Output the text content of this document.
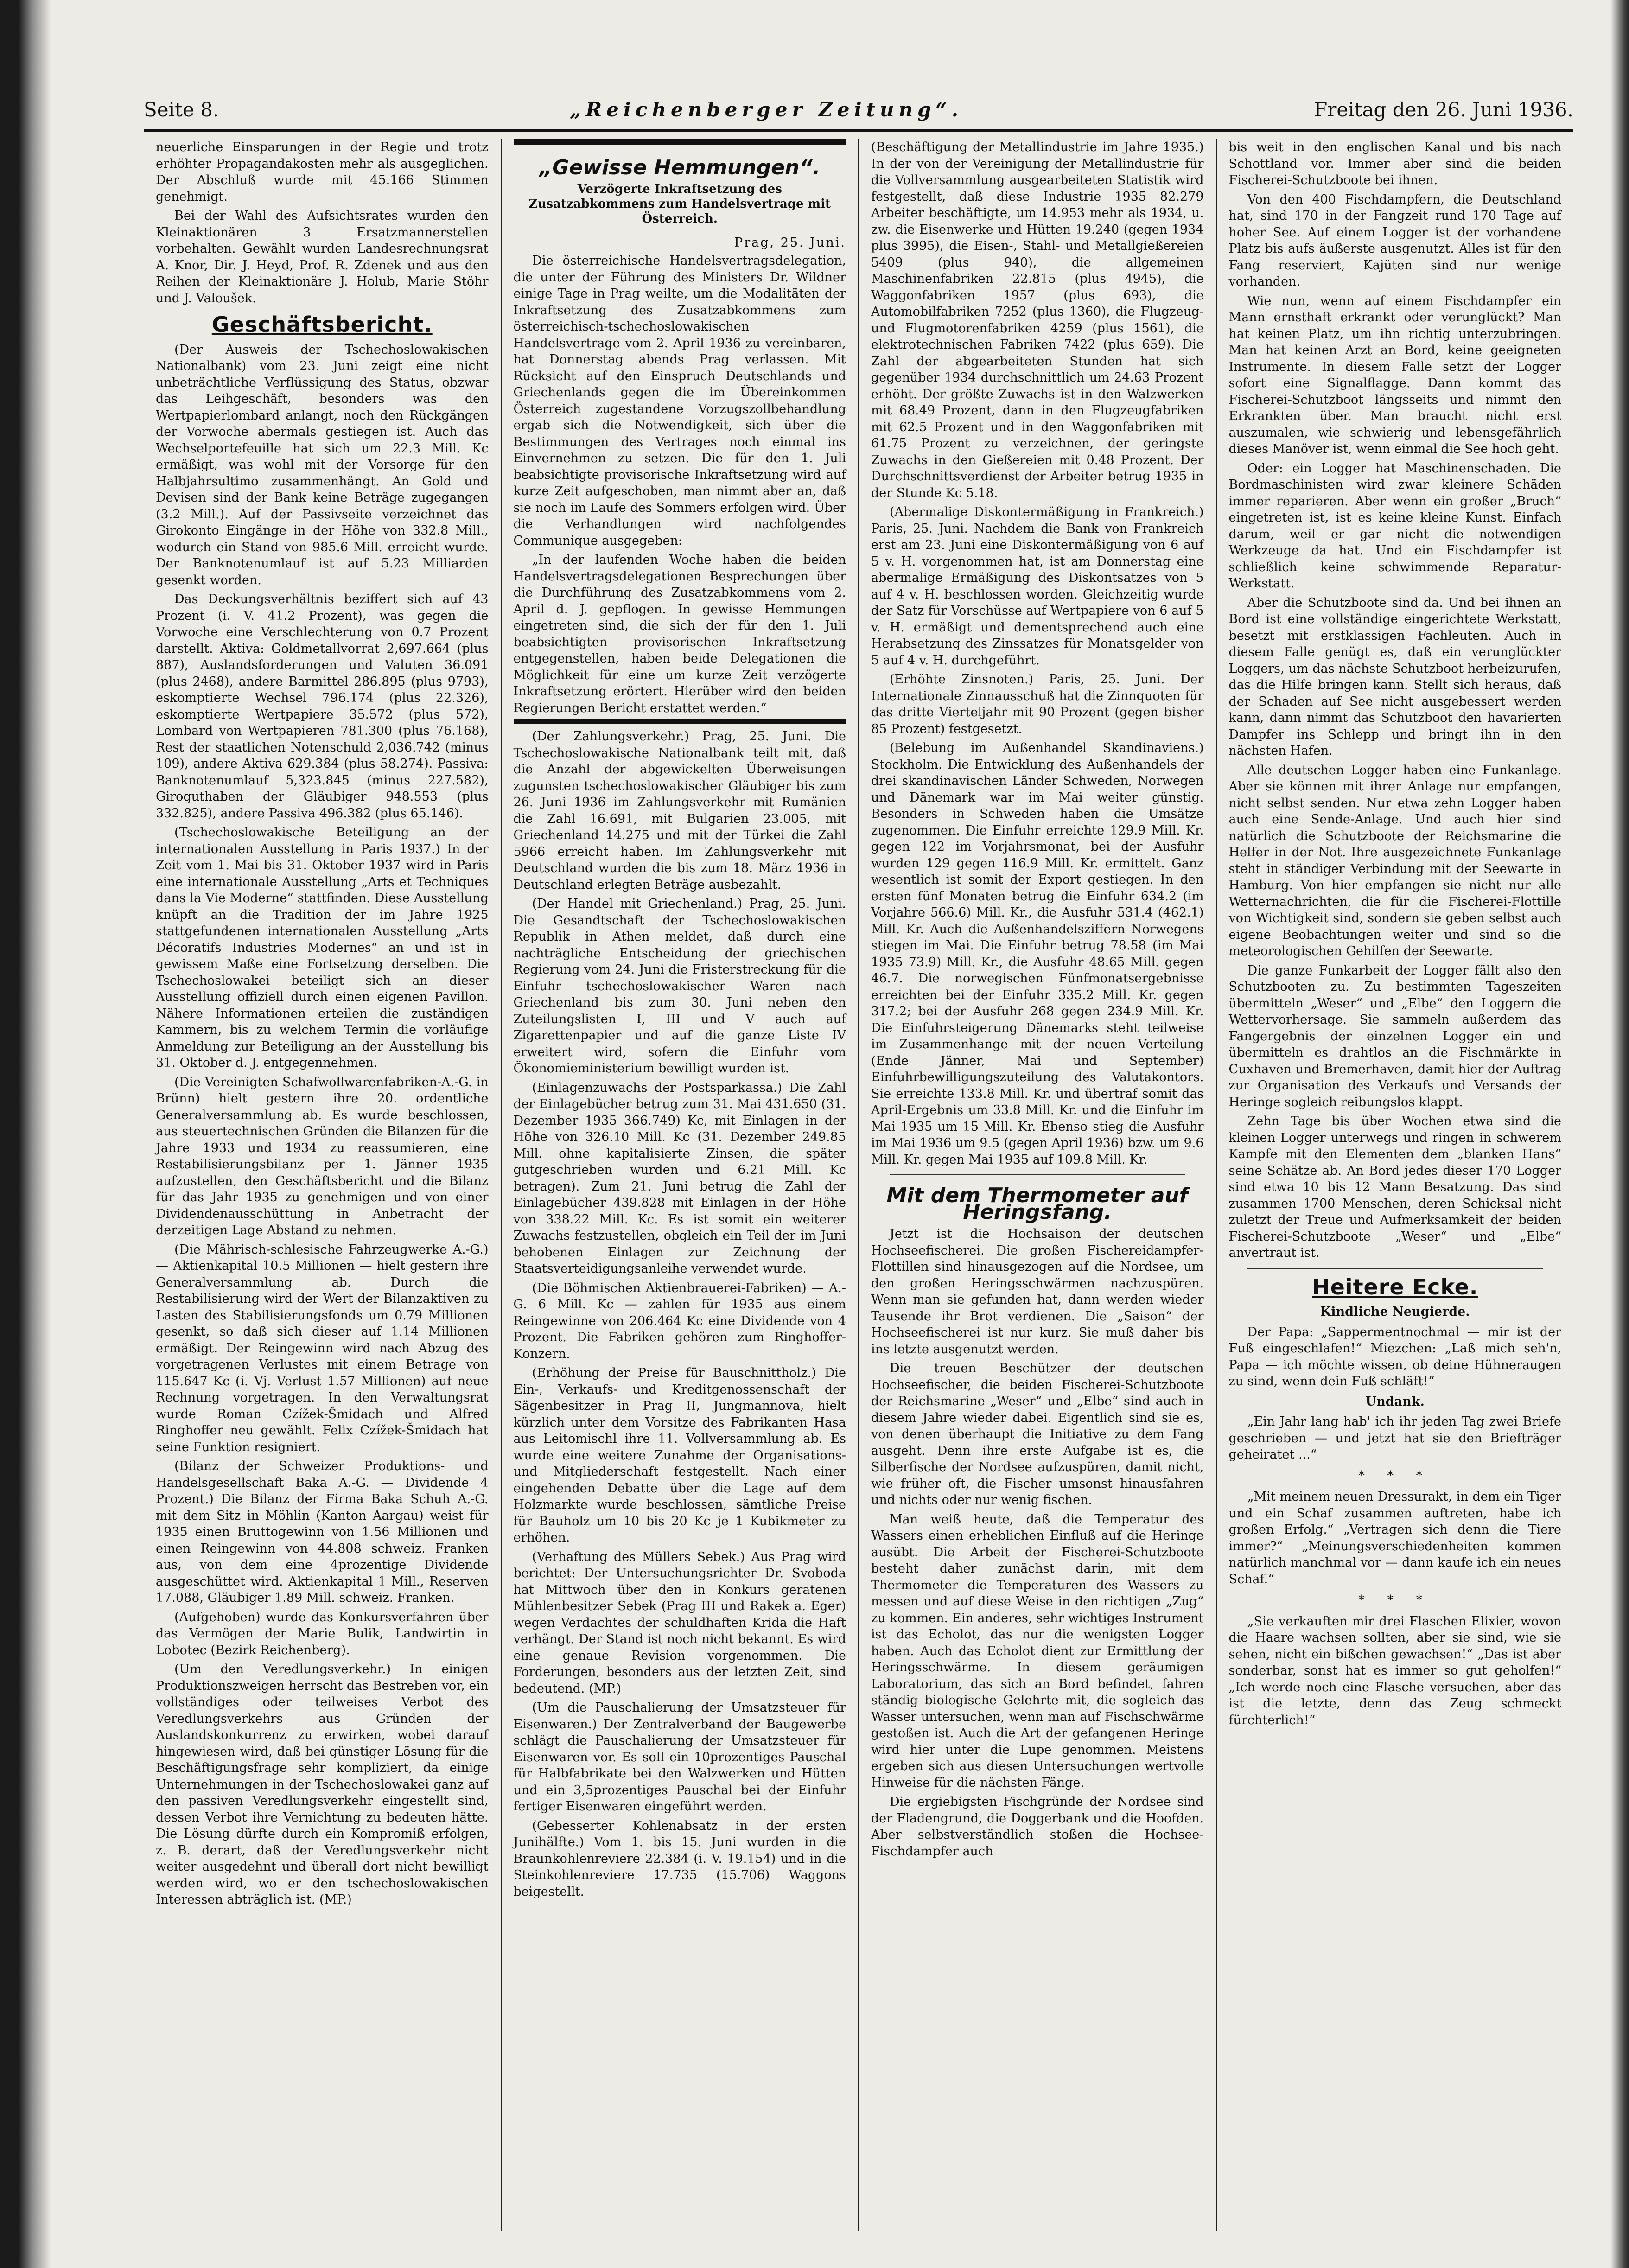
Seite 8.	„Reichenberger Zeitung“.	Freitag den 26. Juni 1936.

neuerliche Einsparungen in der Regie und trotz erhöhter Propagandakosten mehr als ausgeglichen. Der Abschluß wurde mit 45.166 Stimmen genehmigt.

Bei der Wahl des Aufsichtsrates wurden den Kleinaktionären 3 Ersatzmannerstellen vorbehalten. Gewählt wurden Landesrechnungsrat A. Knor, Dir. J. Heyd, Prof. R. Zdenek und aus den Reihen der Kleinaktionäre J. Holub, Marie Stöhr und J. Valoušek.

Geschäftsbericht.

(Der Ausweis der Tschechoslowakischen Nationalbank) vom 23. Juni zeigt eine nicht unbeträchtliche Verflüssigung des Status, obzwar das Leihgeschäft, besonders was den Wertpapierlombard anlangt, noch den Rückgängen der Vorwoche abermals gestiegen ist. Auch das Wechselportefeuille hat sich um 22.3 Mill. Kc ermäßigt, was wohl mit der Vorsorge für den Halbjahrsultimo zusammenhängt. An Gold und Devisen sind der Bank keine Beträge zugegangen (3.2 Mill.). Auf der Passivseite verzeichnet das Girokonto Eingänge in der Höhe von 332.8 Mill., wodurch ein Stand von 985.6 Mill. erreicht wurde. Der Banknotenumlauf ist auf 5.23 Milliarden gesenkt worden.

Das Deckungsverhältnis beziffert sich auf 43 Prozent (i. V. 41.2 Prozent), was gegen die Vorwoche eine Verschlechterung von 0.7 Prozent darstellt. Aktiva: Goldmetallvorrat 2,697.664 (plus 887), Auslandsforderungen und Valuten 36.091 (plus 2468), andere Barmittel 286.895 (plus 9793), eskomptierte Wechsel 796.174 (plus 22.326), eskomptierte Wertpapiere 35.572 (plus 572), Lombard von Wertpapieren 781.300 (plus 76.168), Rest der staatlichen Notenschuld 2,036.742 (minus 109), andere Aktiva 629.384 (plus 58.274). Passiva: Banknotenumlauf 5,323.845 (minus 227.582), Giroguthaben der Gläubiger 948.553 (plus 332.825), andere Passiva 496.382 (plus 65.146).

(Tschechoslowakische Beteiligung an der internationalen Ausstellung in Paris 1937.) In der Zeit vom 1. Mai bis 31. Oktober 1937 wird in Paris eine internationale Ausstellung „Arts et Techniques dans la Vie Moderne“ stattfinden. Diese Ausstellung knüpft an die Tradition der im Jahre 1925 stattgefundenen internationalen Ausstellung „Arts Décoratifs Industries Modernes“ an und ist in gewissem Maße eine Fortsetzung derselben. Die Tschechoslowakei beteiligt sich an dieser Ausstellung offiziell durch einen eigenen Pavillon. Nähere Informationen erteilen die zuständigen Kammern, bis zu welchem Termin die vorläufige Anmeldung zur Beteiligung an der Ausstellung bis 31. Oktober d. J. entgegennehmen.

(Die Vereinigten Schafwollwarenfabriken-A.-G. in Brünn) hielt gestern ihre 20. ordentliche Generalversammlung ab. Es wurde beschlossen, aus steuertechnischen Gründen die Bilanzen für die Jahre 1933 und 1934 zu reassumieren, eine Restabilisierungsbilanz per 1. Jänner 1935 aufzustellen, den Geschäftsbericht und die Bilanz für das Jahr 1935 zu genehmigen und von einer Dividendenausschüttung in Anbetracht der derzeitigen Lage Abstand zu nehmen.

(Die Mährisch-schlesische Fahrzeugwerke A.-G.) — Aktienkapital 10.5 Millionen — hielt gestern ihre Generalversammlung ab. Durch die Restabilisierung wird der Wert der Bilanzaktiven zu Lasten des Stabilisierungsfonds um 0.79 Millionen gesenkt, so daß sich dieser auf 1.14 Millionen ermäßigt. Der Reingewinn wird nach Abzug des vorgetragenen Verlustes mit einem Betrage von 115.647 Kc (i. Vj. Verlust 1.57 Millionen) auf neue Rechnung vorgetragen. In den Verwaltungsrat wurde Roman Czížek-Šmidach und Alfred Ringhoffer neu gewählt. Felix Czížek-Šmidach hat seine Funktion resigniert.

(Bilanz der Schweizer Produktions- und Handelsgesellschaft Baka A.-G. — Dividende 4 Prozent.) Die Bilanz der Firma Baka Schuh A.-G. mit dem Sitz in Möhlin (Kanton Aargau) weist für 1935 einen Bruttogewinn von 1.56 Millionen und einen Reingewinn von 44.808 schweiz. Franken aus, von dem eine 4prozentige Dividende ausgeschüttet wird. Aktienkapital 1 Mill., Reserven 17.088, Gläubiger 1.89 Mill. schweiz. Franken.

(Aufgehoben) wurde das Konkursverfahren über das Vermögen der Marie Bulik, Landwirtin in Lobotec (Bezirk Reichenberg).

(Um den Veredlungsverkehr.) In einigen Produktionszweigen herrscht das Bestreben vor, ein vollständiges oder teilweises Verbot des Veredlungsverkehrs aus Gründen der Auslandskonkurrenz zu erwirken, wobei darauf hingewiesen wird, daß bei günstiger Lösung für die Beschäftigungsfrage sehr kompliziert, da einige Unternehmungen in der Tschechoslowakei ganz auf den passiven Veredlungsverkehr eingestellt sind, dessen Verbot ihre Vernichtung zu bedeuten hätte. Die Lösung dürfte durch ein Kompromiß erfolgen, z. B. derart, daß der Veredlungsverkehr nicht weiter ausgedehnt und überall dort nicht bewilligt werden wird, wo er den tschechoslowakischen Interessen abträglich ist. (MP.)

„Gewisse Hemmungen“.
Verzögerte Inkraftsetzung des Zusatzabkommens zum Handelsvertrage mit Österreich.
Prag, 25. Juni.

Die österreichische Handelsvertragsdelegation, die unter der Führung des Ministers Dr. Wildner einige Tage in Prag weilte, um die Modalitäten der Inkraftsetzung des Zusatzabkommens zum österreichisch-tschechoslowakischen Handelsvertrage vom 2. April 1936 zu vereinbaren, hat Donnerstag abends Prag verlassen. Mit Rücksicht auf den Einspruch Deutschlands und Griechenlands gegen die im Übereinkommen Österreich zugestandene Vorzugszollbehandlung ergab sich die Notwendigkeit, sich über die Bestimmungen des Vertrages noch einmal ins Einvernehmen zu setzen. Die für den 1. Juli beabsichtigte provisorische Inkraftsetzung wird auf kurze Zeit aufgeschoben, man nimmt aber an, daß sie noch im Laufe des Sommers erfolgen wird. Über die Verhandlungen wird nachfolgendes Communique ausgegeben:

„In der laufenden Woche haben die beiden Handelsvertragsdelegationen Besprechungen über die Durchführung des Zusatzabkommens vom 2. April d. J. gepflogen. In gewisse Hemmungen eingetreten sind, die sich der für den 1. Juli beabsichtigten provisorischen Inkraftsetzung entgegenstellen, haben beide Delegationen die Möglichkeit für eine um kurze Zeit verzögerte Inkraftsetzung erörtert. Hierüber wird den beiden Regierungen Bericht erstattet werden.“

(Der Zahlungsverkehr.) Prag, 25. Juni. Die Tschechoslowakische Nationalbank teilt mit, daß die Anzahl der abgewickelten Überweisungen zugunsten tschechoslowakischer Gläubiger bis zum 26. Juni 1936 im Zahlungsverkehr mit Rumänien die Zahl 16.691, mit Bulgarien 23.005, mit Griechenland 14.275 und mit der Türkei die Zahl 5966 erreicht haben. Im Zahlungsverkehr mit Deutschland wurden die bis zum 18. März 1936 in Deutschland erlegten Beträge ausbezahlt.

(Der Handel mit Griechenland.) Prag, 25. Juni. Die Gesandtschaft der Tschechoslowakischen Republik in Athen meldet, daß durch eine nachträgliche Entscheidung der griechischen Regierung vom 24. Juni die Fristerstreckung für die Einfuhr tschechoslowakischer Waren nach Griechenland bis zum 30. Juni neben den Zuteilungslisten I, III und V auch auf Zigarettenpapier und auf die ganze Liste IV erweitert wird, sofern die Einfuhr vom Ökonomieministerium bewilligt wurden ist.

(Einlagenzuwachs der Postsparkassa.) Die Zahl der Einlagebücher betrug zum 31. Mai 431.650 (31. Dezember 1935 366.749) Kc, mit Einlagen in der Höhe von 326.10 Mill. Kc (31. Dezember 249.85 Mill. ohne kapitalisierte Zinsen, die später gutgeschrieben wurden und 6.21 Mill. Kc betragen). Zum 21. Juni betrug die Zahl der Einlagebücher 439.828 mit Einlagen in der Höhe von 338.22 Mill. Kc. Es ist somit ein weiterer Zuwachs festzustellen, obgleich ein Teil der im Juni behobenen Einlagen zur Zeichnung der Staatsverteidigungsanleihe verwendet wurde.

(Die Böhmischen Aktienbrauerei-Fabriken) — A.-G. 6 Mill. Kc — zahlen für 1935 aus einem Reingewinne von 206.464 Kc eine Dividende von 4 Prozent. Die Fabriken gehören zum Ringhoffer-Konzern.

(Erhöhung der Preise für Bauschnittholz.) Die Ein-, Verkaufs- und Kreditgenossenschaft der Sägenbesitzer in Prag II, Jungmannova, hielt kürzlich unter dem Vorsitze des Fabrikanten Hasa aus Leitomischl ihre 11. Vollversammlung ab. Es wurde eine weitere Zunahme der Organisations- und Mitgliederschaft festgestellt. Nach einer eingehenden Debatte über die Lage auf dem Holzmarkte wurde beschlossen, sämtliche Preise für Bauholz um 10 bis 20 Kc je 1 Kubikmeter zu erhöhen.

(Verhaftung des Müllers Sebek.) Aus Prag wird berichtet: Der Untersuchungsrichter Dr. Svoboda hat Mittwoch über den in Konkurs geratenen Mühlenbesitzer Sebek (Prag III und Rakek a. Eger) wegen Verdachtes der schuldhaften Krida die Haft verhängt. Der Stand ist noch nicht bekannt. Es wird eine genaue Revision vorgenommen. Die Forderungen, besonders aus der letzten Zeit, sind bedeutend. (MP.)

(Um die Pauschalierung der Umsatzsteuer für Eisenwaren.) Der Zentralverband der Baugewerbe schlägt die Pauschalierung der Umsatzsteuer für Eisenwaren vor. Es soll ein 10prozentiges Pauschal für Halbfabrikate bei den Walzwerken und Hütten und ein 3,5prozentiges Pauschal bei der Einfuhr fertiger Eisenwaren eingeführt werden.

(Gebesserter Kohlenabsatz in der ersten Junihälfte.) Vom 1. bis 15. Juni wurden in die Braunkohlenreviere 22.384 (i. V. 19.154) und in die Steinkohlenreviere 17.735 (15.706) Waggons beigestellt.

(Beschäftigung der Metallindustrie im Jahre 1935.) In der von der Vereinigung der Metallindustrie für die Vollversammlung ausgearbeiteten Statistik wird festgestellt, daß diese Industrie 1935 82.279 Arbeiter beschäftigte, um 14.953 mehr als 1934, u. zw. die Eisenwerke und Hütten 19.240 (gegen 1934 plus 3995), die Eisen-, Stahl- und Metallgießereien 5409 (plus 940), die allgemeinen Maschinenfabriken 22.815 (plus 4945), die Waggonfabriken 1957 (plus 693), die Automobilfabriken 7252 (plus 1360), die Flugzeug- und Flugmotorenfabriken 4259 (plus 1561), die elektrotechnischen Fabriken 7422 (plus 659). Die Zahl der abgearbeiteten Stunden hat sich gegenüber 1934 durchschnittlich um 24.63 Prozent erhöht. Der größte Zuwachs ist in den Walzwerken mit 68.49 Prozent, dann in den Flugzeugfabriken mit 62.5 Prozent und in den Waggonfabriken mit 61.75 Prozent zu verzeichnen, der geringste Zuwachs in den Gießereien mit 0.48 Prozent. Der Durchschnittsverdienst der Arbeiter betrug 1935 in der Stunde Kc 5.18.

(Abermalige Diskontermäßigung in Frankreich.) Paris, 25. Juni. Nachdem die Bank von Frankreich erst am 23. Juni eine Diskontermäßigung von 6 auf 5 v. H. vorgenommen hat, ist am Donnerstag eine abermalige Ermäßigung des Diskontsatzes von 5 auf 4 v. H. beschlossen worden. Gleichzeitig wurde der Satz für Vorschüsse auf Wertpapiere von 6 auf 5 v. H. ermäßigt und dementsprechend auch eine Herabsetzung des Zinssatzes für Monatsgelder von 5 auf 4 v. H. durchgeführt.

(Erhöhte Zinsnoten.) Paris, 25. Juni. Der Internationale Zinnausschuß hat die Zinnquoten für das dritte Vierteljahr mit 90 Prozent (gegen bisher 85 Prozent) festgesetzt.

(Belebung im Außenhandel Skandinaviens.) Stockholm. Die Entwicklung des Außenhandels der drei skandinavischen Länder Schweden, Norwegen und Dänemark war im Mai weiter günstig. Besonders in Schweden haben die Umsätze zugenommen. Die Einfuhr erreichte 129.9 Mill. Kr. gegen 122 im Vorjahrsmonat, bei der Ausfuhr wurden 129 gegen 116.9 Mill. Kr. ermittelt. Ganz wesentlich ist somit der Export gestiegen. In den ersten fünf Monaten betrug die Einfuhr 634.2 (im Vorjahre 566.6) Mill. Kr., die Ausfuhr 531.4 (462.1) Mill. Kr. Auch die Außenhandelsziffern Norwegens stiegen im Mai. Die Einfuhr betrug 78.58 (im Mai 1935 73.9) Mill. Kr., die Ausfuhr 48.65 Mill. gegen 46.7. Die norwegischen Fünfmonatsergebnisse erreichten bei der Einfuhr 335.2 Mill. Kr. gegen 317.2; bei der Ausfuhr 268 gegen 234.9 Mill. Kr. Die Einfuhrsteigerung Dänemarks steht teilweise im Zusammenhange mit der neuen Verteilung (Ende Jänner, Mai und September) Einfuhrbewilligungszuteilung des Valutakontors. Sie erreichte 133.8 Mill. Kr. und übertraf somit das April-Ergebnis um 33.8 Mill. Kr. und die Einfuhr im Mai 1935 um 15 Mill. Kr. Ebenso stieg die Ausfuhr im Mai 1936 um 9.5 (gegen April 1936) bzw. um 9.6 Mill. Kr. gegen Mai 1935 auf 109.8 Mill. Kr.

Mit dem Thermometer auf Heringsfang.

Jetzt ist die Hochsaison der deutschen Hochseefischerei. Die großen Fischereidampfer-Flottillen sind hinausgezogen auf die Nordsee, um den großen Heringsschwärmen nachzuspüren. Wenn man sie gefunden hat, dann werden wieder Tausende ihr Brot verdienen. Die „Saison“ der Hochseefischerei ist nur kurz. Sie muß daher bis ins letzte ausgenutzt werden.

Die treuen Beschützer der deutschen Hochseefischer, die beiden Fischerei-Schutzboote der Reichsmarine „Weser“ und „Elbe“ sind auch in diesem Jahre wieder dabei. Eigentlich sind sie es, von denen überhaupt die Initiative zu dem Fang ausgeht. Denn ihre erste Aufgabe ist es, die Silberfische der Nordsee aufzuspüren, damit nicht, wie früher oft, die Fischer umsonst hinausfahren und nichts oder nur wenig fischen.

Man weiß heute, daß die Temperatur des Wassers einen erheblichen Einfluß auf die Heringe ausübt. Die Arbeit der Fischerei-Schutzboote besteht daher zunächst darin, mit dem Thermometer die Temperaturen des Wassers zu messen und auf diese Weise in den richtigen „Zug“ zu kommen. Ein anderes, sehr wichtiges Instrument ist das Echolot, das nur die wenigsten Logger haben. Auch das Echolot dient zur Ermittlung der Heringsschwärme. In diesem geräumigen Laboratorium, das sich an Bord befindet, fahren ständig biologische Gelehrte mit, die sogleich das Wasser untersuchen, wenn man auf Fischschwärme gestoßen ist. Auch die Art der gefangenen Heringe wird hier unter die Lupe genommen. Meistens ergeben sich aus diesen Untersuchungen wertvolle Hinweise für die nächsten Fänge.

Die ergiebigsten Fischgründe der Nordsee sind der Fladengrund, die Doggerbank und die Hoofden. Aber selbstverständlich stoßen die Hochsee-Fischdampfer auch

bis weit in den englischen Kanal und bis nach Schottland vor. Immer aber sind die beiden Fischerei-Schutzboote bei ihnen.

Von den 400 Fischdampfern, die Deutschland hat, sind 170 in der Fangzeit rund 170 Tage auf hoher See. Auf einem Logger ist der vorhandene Platz bis aufs äußerste ausgenutzt. Alles ist für den Fang reserviert, Kajüten sind nur wenige vorhanden.

Wie nun, wenn auf einem Fischdampfer ein Mann ernsthaft erkrankt oder verunglückt? Man hat keinen Platz, um ihn richtig unterzubringen. Man hat keinen Arzt an Bord, keine geeigneten Instrumente. In diesem Falle setzt der Logger sofort eine Signalflagge. Dann kommt das Fischerei-Schutzboot längsseits und nimmt den Erkrankten über. Man braucht nicht erst auszumalen, wie schwierig und lebensgefährlich dieses Manöver ist, wenn einmal die See hoch geht.

Oder: ein Logger hat Maschinenschaden. Die Bordmaschinisten wird zwar kleinere Schäden immer reparieren. Aber wenn ein großer „Bruch“ eingetreten ist, ist es keine kleine Kunst. Einfach darum, weil er gar nicht die notwendigen Werkzeuge da hat. Und ein Fischdampfer ist schließlich keine schwimmende Reparatur-Werkstatt.

Aber die Schutzboote sind da. Und bei ihnen an Bord ist eine vollständige eingerichtete Werkstatt, besetzt mit erstklassigen Fachleuten. Auch in diesem Falle genügt es, daß ein verunglückter Loggers, um das nächste Schutzboot herbeizurufen, das die Hilfe bringen kann. Stellt sich heraus, daß der Schaden auf See nicht ausgebessert werden kann, dann nimmt das Schutzboot den havarierten Dampfer ins Schlepp und bringt ihn in den nächsten Hafen.

Alle deutschen Logger haben eine Funkanlage. Aber sie können mit ihrer Anlage nur empfangen, nicht selbst senden. Nur etwa zehn Logger haben auch eine Sende-Anlage. Und auch hier sind natürlich die Schutzboote der Reichsmarine die Helfer in der Not. Ihre ausgezeichnete Funkanlage steht in ständiger Verbindung mit der Seewarte in Hamburg. Von hier empfangen sie nicht nur alle Wetternachrichten, die für die Fischerei-Flottille von Wichtigkeit sind, sondern sie geben selbst auch eigene Beobachtungen weiter und sind so die meteorologischen Gehilfen der Seewarte.

Die ganze Funkarbeit der Logger fällt also den Schutzbooten zu. Zu bestimmten Tageszeiten übermitteln „Weser“ und „Elbe“ den Loggern die Wettervorhersage. Sie sammeln außerdem das Fangergebnis der einzelnen Logger ein und übermitteln es drahtlos an die Fischmärkte in Cuxhaven und Bremerhaven, damit hier der Auftrag zur Organisation des Verkaufs und Versands der Heringe sogleich reibungslos klappt.

Zehn Tage bis über Wochen etwa sind die kleinen Logger unterwegs und ringen in schwerem Kampfe mit den Elementen dem „blanken Hans“ seine Schätze ab. An Bord jedes dieser 170 Logger sind etwa 10 bis 12 Mann Besatzung. Das sind zusammen 1700 Menschen, deren Schicksal nicht zuletzt der Treue und Aufmerksamkeit der beiden Fischerei-Schutzboote „Weser“ und „Elbe“ anvertraut ist.

Heitere Ecke.
Kindliche Neugierde.

Der Papa: „Sappermentnochmal — mir ist der Fuß eingeschlafen!“ Miezchen: „Laß mich seh'n, Papa — ich möchte wissen, ob deine Hühneraugen zu sind, wenn dein Fuß schläft!“

Undank.

„Ein Jahr lang hab' ich ihr jeden Tag zwei Briefe geschrieben — und jetzt hat sie den Briefträger geheiratet ...“

* * *

„Mit meinem neuen Dressurakt, in dem ein Tiger und ein Schaf zusammen auftreten, habe ich großen Erfolg.“ „Vertragen sich denn die Tiere immer?“ „Meinungsverschiedenheiten kommen natürlich manchmal vor — dann kaufe ich ein neues Schaf.“

* * *

„Sie verkauften mir drei Flaschen Elixier, wovon die Haare wachsen sollten, aber sie sind, wie sie sehen, nicht ein bißchen gewachsen!“ „Das ist aber sonderbar, sonst hat es immer so gut geholfen!“ „Ich werde noch eine Flasche versuchen, aber das ist die letzte, denn das Zeug schmeckt fürchterlich!“
